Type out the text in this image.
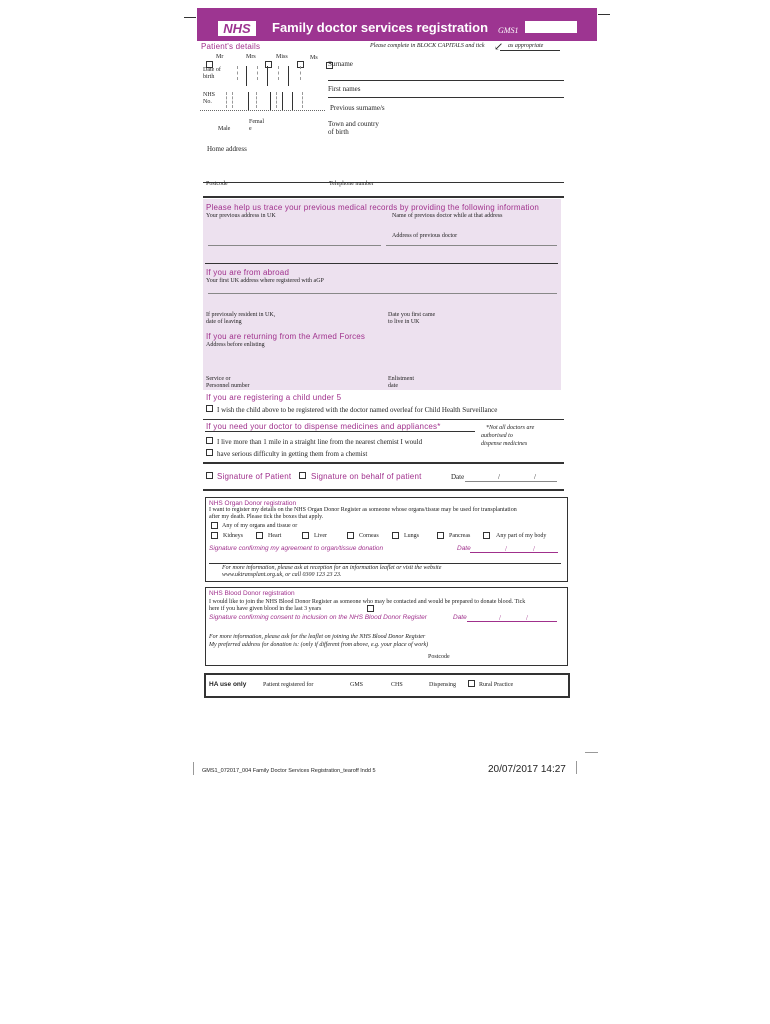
NHS	Family doctor services registration GMS1
Patient's details	Please complete in BLOCK CAPITALS and tick	as appropriate
↙
Mr	Mrs	Miss	Ms
Surname
Date of birth
First names
NHS No.
Previous surname/s
Femal
e
Male
Town and country
of birth
Home address
Postcode	Telephone number
Please help us trace your previous medical records by providing the following information
Your previous address in UK	Name of previous doctor while at that address
Address of previous doctor
If you are from abroad
Your first UK address where registered with aGP
If previously resident in UK,
date of leaving
Date you first came
to live in UK
If you are returning from the Armed Forces
Address before enlisting
Service or
Personnel number
Enlistment
date
If you are registering a child under 5
I wish the child above to be registered with the doctor named overleaf for Child Health Surveillance
If you need your doctor to dispense medicines and appliances*	*Not all doctors are
authorised to
dispense medicines
I live more than 1 mile in a straight line from the nearest chemist I would
have serious difficulty in getting them from a chemist
Signature of Patient Signature on behalf of patient	Date	/	/
NHS Organ Donor registration
I want to register my details on the NHS Organ Donor Register as someone whose organs/tissue may be used for transplantation
after my death. Please tick the boxes that apply.
Any of my organs and tissue or
Kidneys	Heart	Liver	Corneas	Lungs	Pancreas	Any part of my body
Signature confirming my agreement to organ/tissue donation	Date	/	/
For more information, please ask at reception for an information leaflet or visit the website
www.uktransplant.org.uk, or call 0300 123 23 23.
NHS Blood Donor registration
I would like to join the NHS Blood Donor Register as someone who may be contacted and would be prepared to donate blood. Tick
here if you have given blood in the last 3 years
Signature confirming consent to inclusion on the NHS Blood Donor Register	Date	/	/
For more information, please ask for the leaflet on joining the NHS Blood Donor Register
My preferred address for donation is: (only if different from above, e.g. your place of work)
Postcode
HA use only	Patient registered for	GMS	CHS	Dispensing	Rural Practice
GMS1_072017_004 Family Doctor Services Registration_tearoff Indd 5	20/07/2017 14:27
